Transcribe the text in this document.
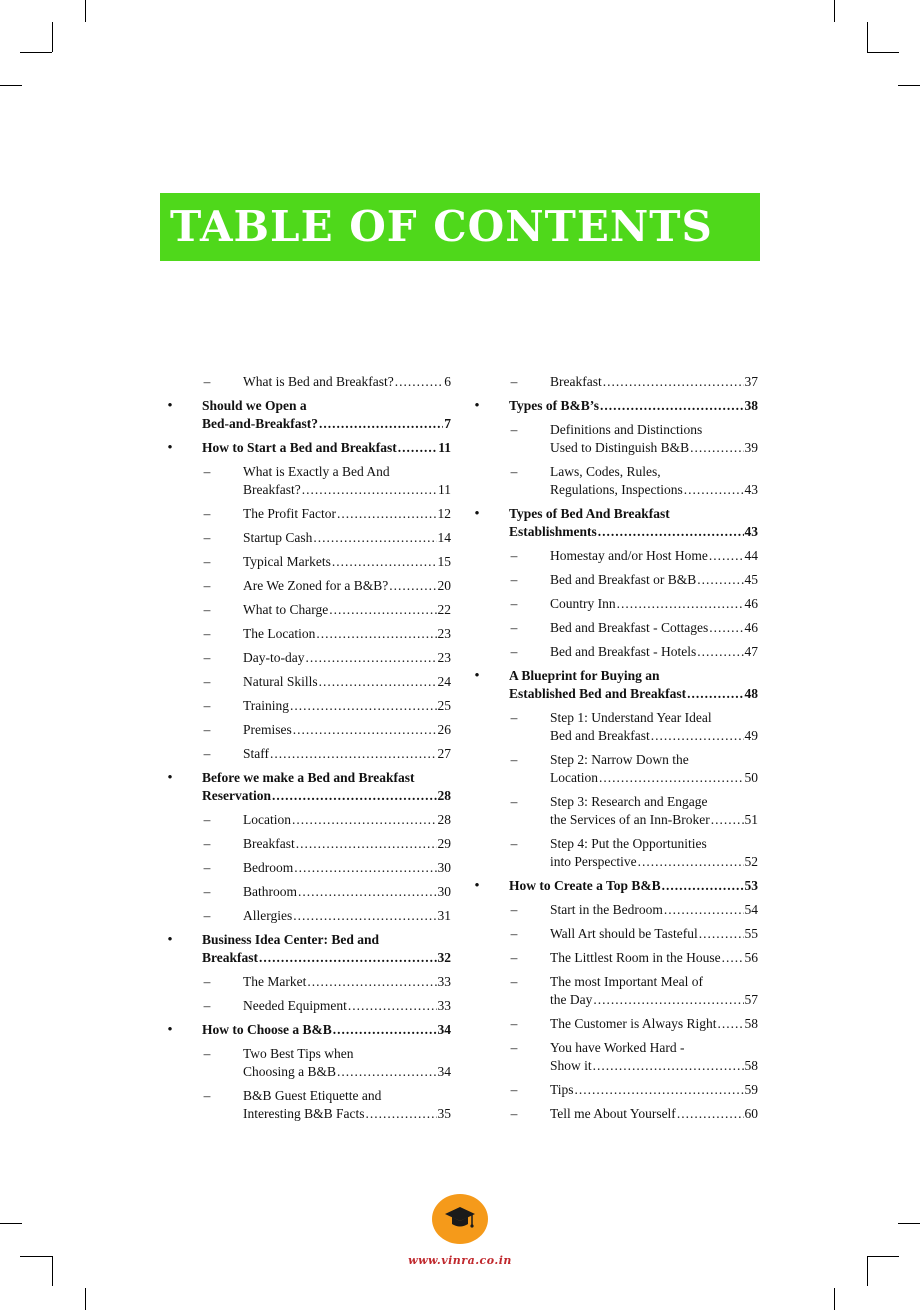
TABLE OF CONTENTS
– What is Bed and Breakfast? .....	6
•	Should we Open a
Bed-and-Breakfast? .....	7
•	How to Start a Bed and Breakfast .....	11
– What is Exactly a Bed And
Breakfast? .....	11
– The Profit Factor .....	12
– Startup Cash .....	14
– Typical Markets .....	15
– Are We Zoned for a B&B? .....	20
– What to Charge .....	22
– The Location .....	23
– Day-to-day .....	23
– Natural Skills .....	24
– Training .....	25
– Premises .....	26
– Staff .....	27
•	Before we make a Bed and Breakfast
Reservation .....	28
– Location .....	28
– Breakfast .....	29
– Bedroom .....	30
– Bathroom .....	30
– Allergies .....	31
•	Business Idea Center: Bed and
Breakfast .....	32
– The Market .....	33
– Needed Equipment .....	33
•	How to Choose a B&B .....	34
– Two Best Tips when
Choosing a B&B .....	34
– B&B Guest Etiquette and
Interesting B&B Facts .....	35
– Breakfast .....	37
•	Types of B&B’s .....	38
– Definitions and Distinctions
Used to Distinguish B&B .....	39
– Laws, Codes, Rules,
Regulations, Inspections .....	43
•	Types of Bed And Breakfast
Establishments .....	43
– Homestay and/or Host Home .....	44
– Bed and Breakfast or B&B .....	45
– Country Inn .....	46
– Bed and Breakfast - Cottages .....	46
– Bed and Breakfast - Hotels .....	47
•	A Blueprint for Buying an
Established Bed and Breakfast .....	48
– Step 1: Understand Year Ideal
Bed and Breakfast .....	49
– Step 2: Narrow Down the
Location .....	50
– Step 3: Research and Engage
the Services of an Inn-Broker .....	51
– Step 4: Put the Opportunities
into Perspective .....	52
•	How to Create a Top B&B .....	53
– Start in the Bedroom .....	54
– Wall Art should be Tasteful .....	55
– The Littlest Room in the House ..... 56
– The most Important Meal of
the Day .....	57
– The Customer is Always Right ..... 58
– You have Worked Hard -
Show it .....	58
– Tips .....	59
– Tell me About Yourself .....	60
www.vinra.co.in
